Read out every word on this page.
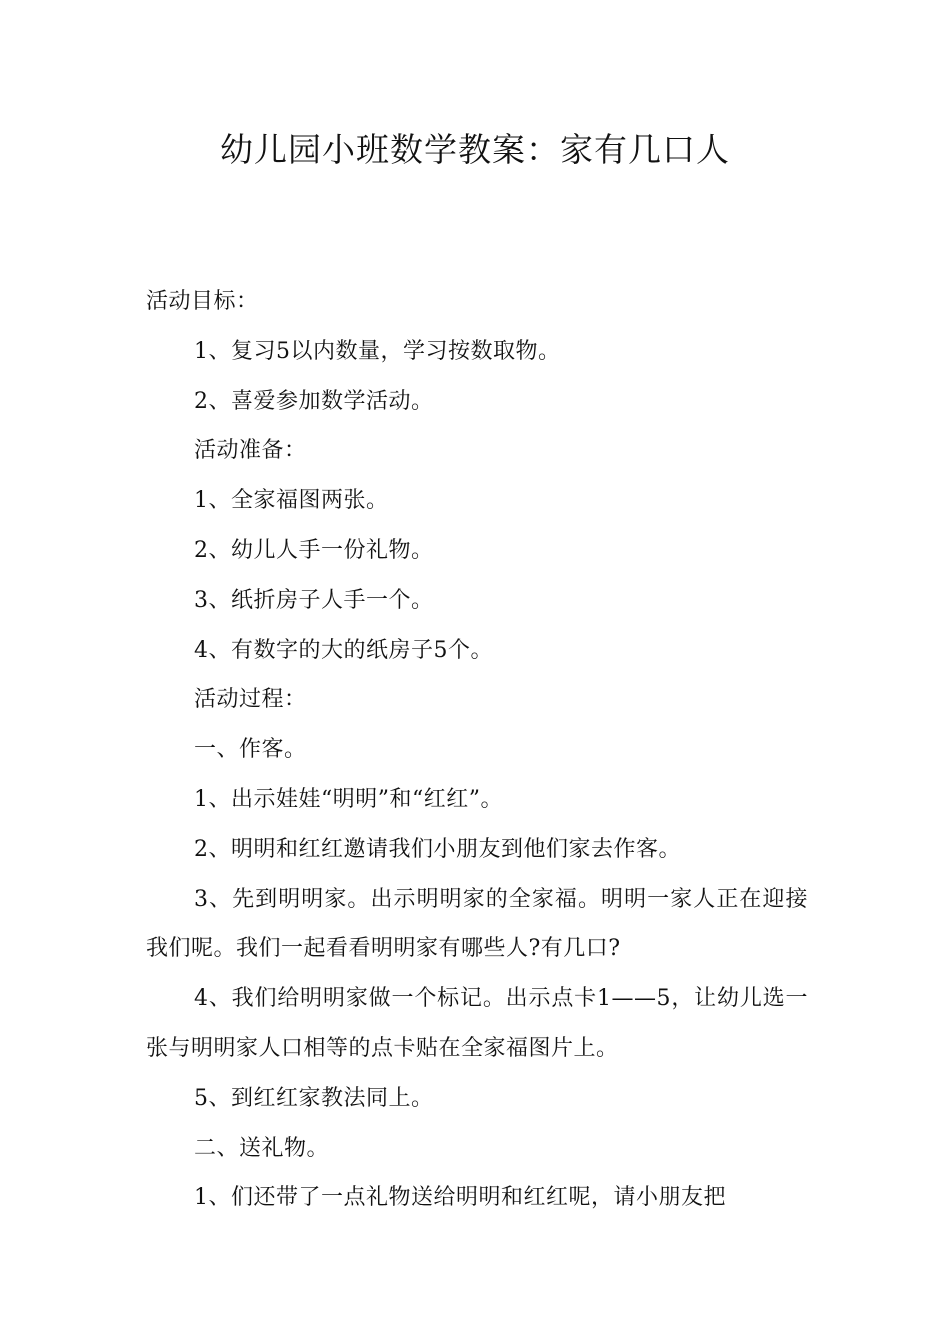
幼儿园小班数学教案：家有几口人

活动目标：

1、复习5以内数量，学习按数取物。

2、喜爱参加数学活动。

活动准备：

1、全家福图两张。

2、幼儿人手一份礼物。

3、纸折房子人手一个。

4、有数字的大的纸房子5个。

活动过程：

一、作客。

1、出示娃娃“明明”和“红红”。

2、明明和红红邀请我们小朋友到他们家去作客。

3、先到明明家。出示明明家的全家福。明明一家人正在迎接我们呢。我们一起看看明明家有哪些人?有几口?

4、我们给明明家做一个标记。出示点卡1——5，让幼儿选一张与明明家人口相等的点卡贴在全家福图片上。

5、到红红家教法同上。

二、送礼物。

1、们还带了一点礼物送给明明和红红呢，请小朋友把
